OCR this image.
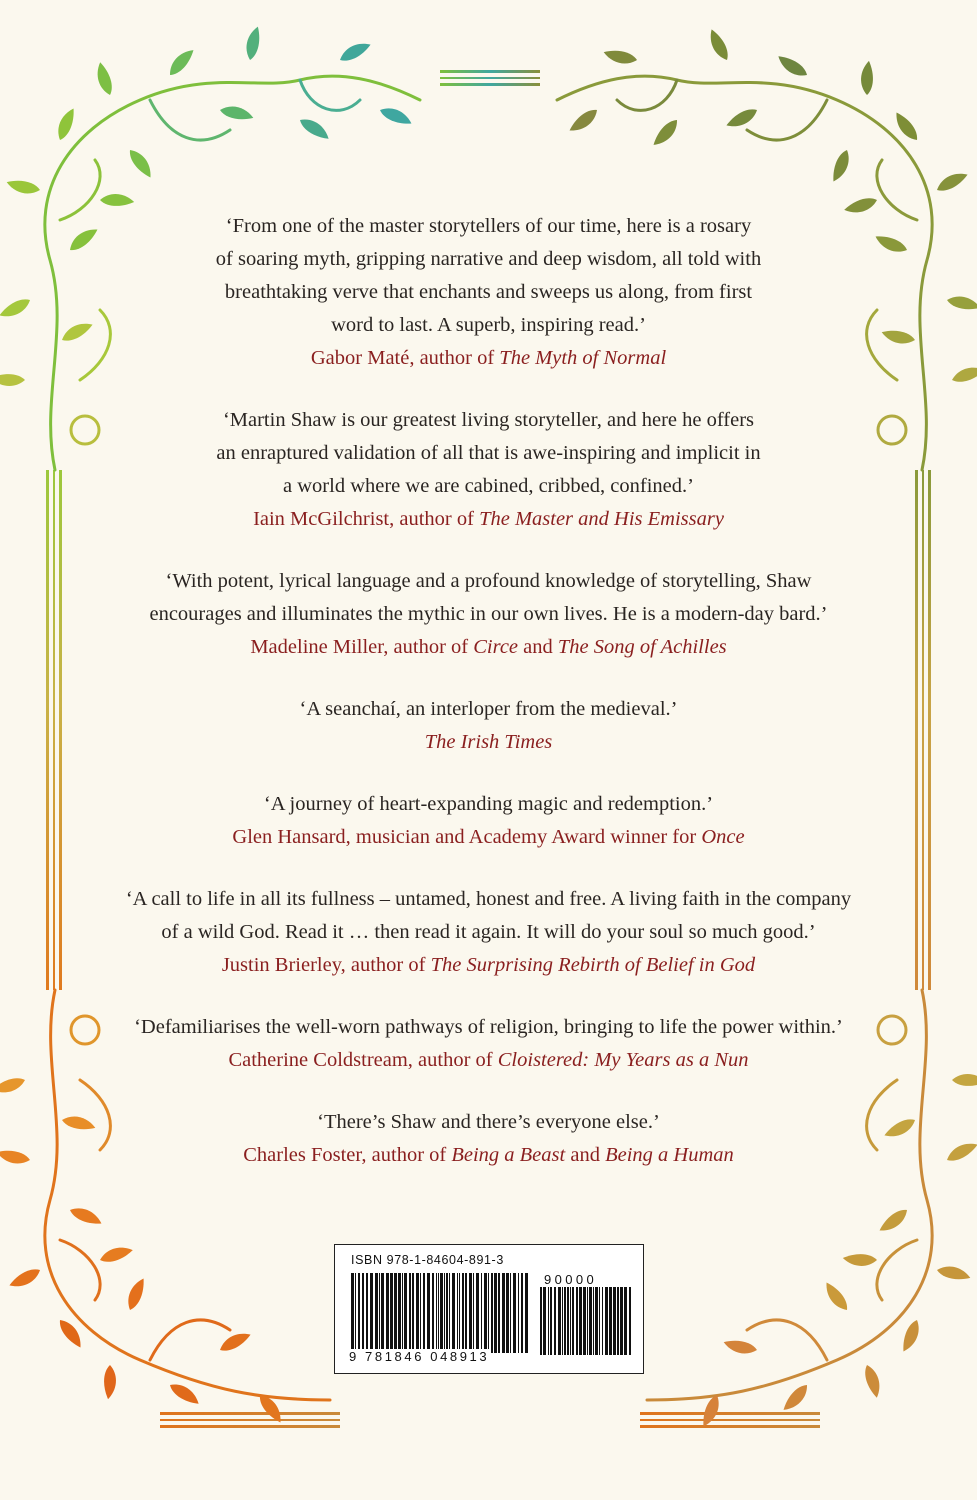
‘From one of the master storytellers of our time, here is a rosary
of soaring myth, gripping narrative and deep wisdom, all told with
breathtaking verve that enchants and sweeps us along, from first
word to last. A superb, inspiring read.’
Gabor Maté, author of The Myth of Normal
‘Martin Shaw is our greatest living storyteller, and here he offers
an enraptured validation of all that is awe-inspiring and implicit in
a world where we are cabined, cribbed, confined.’
Iain McGilchrist, author of The Master and His Emissary
‘With potent, lyrical language and a profound knowledge of storytelling, Shaw
encourages and illuminates the mythic in our own lives. He is a modern-day bard.’
Madeline Miller, author of Circe and The Song of Achilles
‘A seanchaí, an interloper from the medieval.’
The Irish Times
‘A journey of heart-expanding magic and redemption.’
Glen Hansard, musician and Academy Award winner for Once
‘A call to life in all its fullness – untamed, honest and free. A living faith in the company
of a wild God. Read it … then read it again. It will do your soul so much good.’
Justin Brierley, author of The Surprising Rebirth of Belief in God
‘Defamiliarises the well-worn pathways of religion, bringing to life the power within.’
Catherine Coldstream, author of Cloistered: My Years as a Nun
‘There’s Shaw and there’s everyone else.’
Charles Foster, author of Being a Beast and Being a Human
ISBN 978-1-84604-891-3
90000
9 781846 048913
